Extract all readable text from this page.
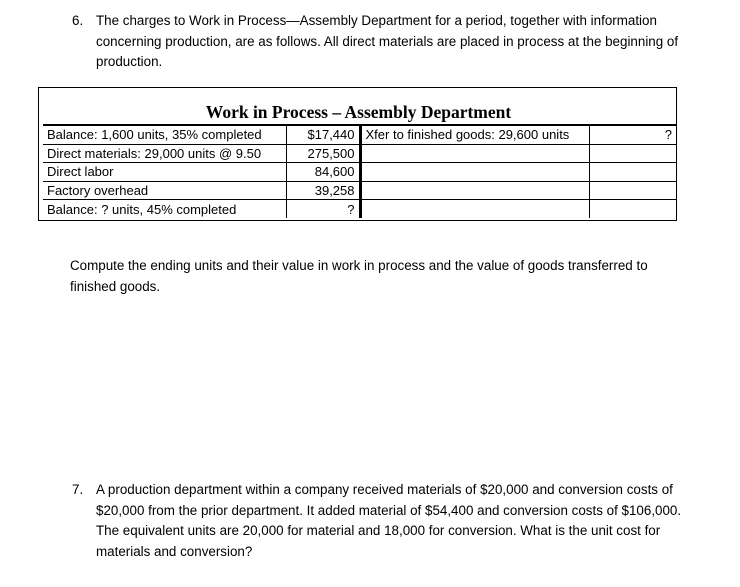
6. The charges to Work in Process—Assembly Department for a period, together with information concerning production, are as follows. All direct materials are placed in process at the beginning of production.
Work in Process – Assembly Department
Balance: 1,600 units, 35% completed	$17,440	Xfer to finished goods: 29,600 units	?
Direct materials: 29,000 units @ 9.50	275,500		
Direct labor	84,600		
Factory overhead	39,258		
Balance: ? units, 45% completed	?		
Compute the ending units and their value in work in process and the value of goods transferred to finished goods.
7. A production department within a company received materials of $20,000 and conversion costs of $20,000 from the prior department. It added material of $54,400 and conversion costs of $106,000. The equivalent units are 20,000 for material and 18,000 for conversion. What is the unit cost for materials and conversion?
